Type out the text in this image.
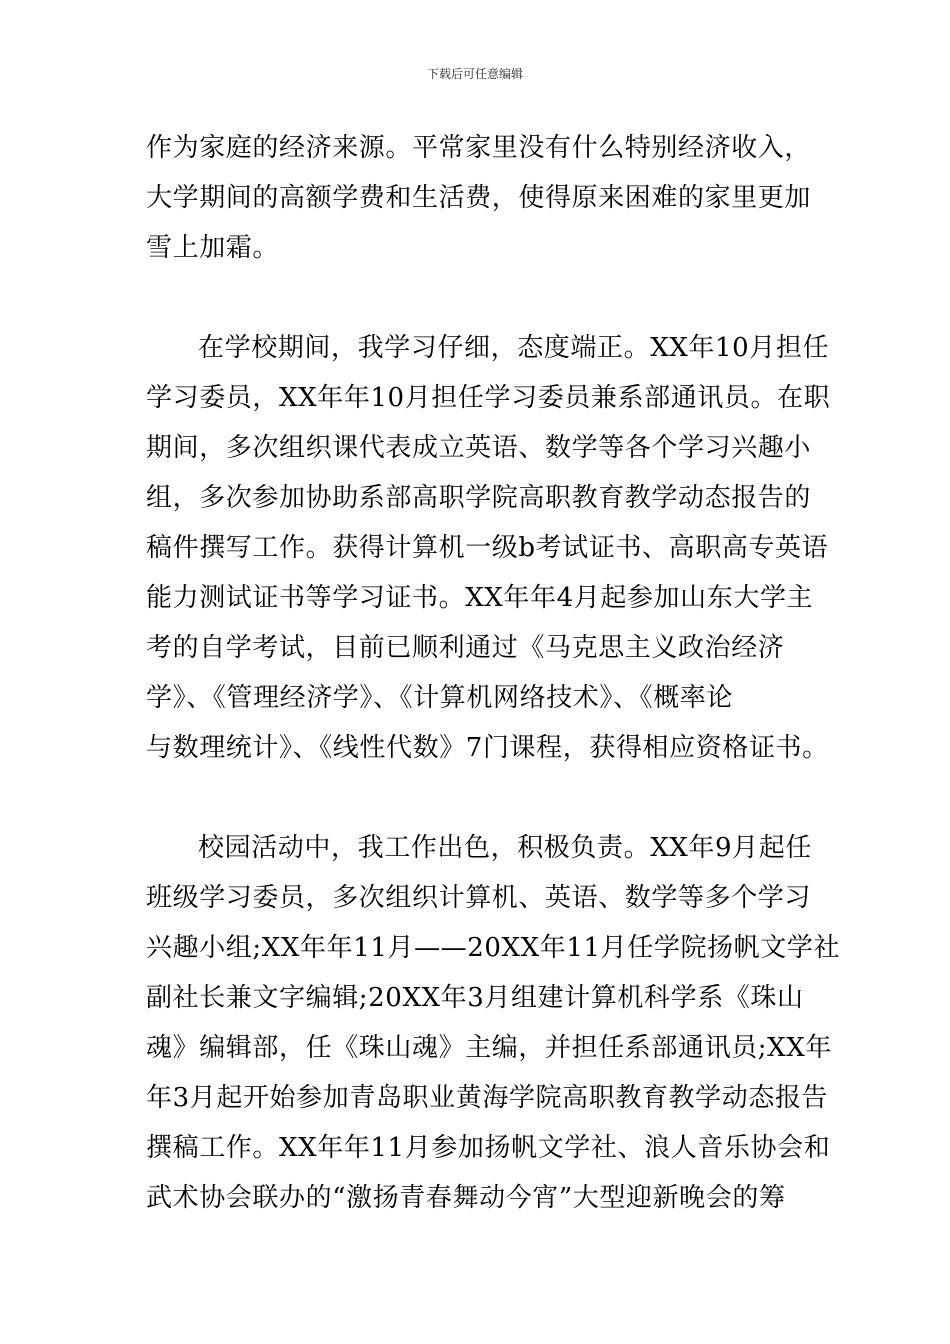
下载后可任意编辑

作为家庭的经济来源。平常家里没有什么特别经济收入，

大学期间的高额学费和生活费，使得原来困难的家里更加

雪上加霜。

在学校期间，我学习仔细，态度端正。XX年10月担任

学习委员，XX年年10月担任学习委员兼系部通讯员。在职

期间，多次组织课代表成立英语、数学等各个学习兴趣小

组，多次参加协助系部高职学院高职教育教学动态报告的

稿件撰写工作。获得计算机一级b考试证书、高职高专英语

能力测试证书等学习证书。XX年年4月起参加山东大学主

考的自学考试，目前已顺利通过《马克思主义政治经济

学》、《管理经济学》、《计算机网络技术》、《概率论

与数理统计》、《线性代数》7门课程，获得相应资格证书。

校园活动中，我工作出色，积极负责。XX年9月起任

班级学习委员，多次组织计算机、英语、数学等多个学习

兴趣小组;XX年年11月——20XX年11月任学院扬帆文学社

副社长兼文字编辑;20XX年3月组建计算机科学系《珠山

魂》编辑部，任《珠山魂》主编，并担任系部通讯员;XX年

年3月起开始参加青岛职业黄海学院高职教育教学动态报告

撰稿工作。XX年年11月参加扬帆文学社、浪人音乐协会和

武术协会联办的“激扬青春舞动今宵”大型迎新晚会的筹
